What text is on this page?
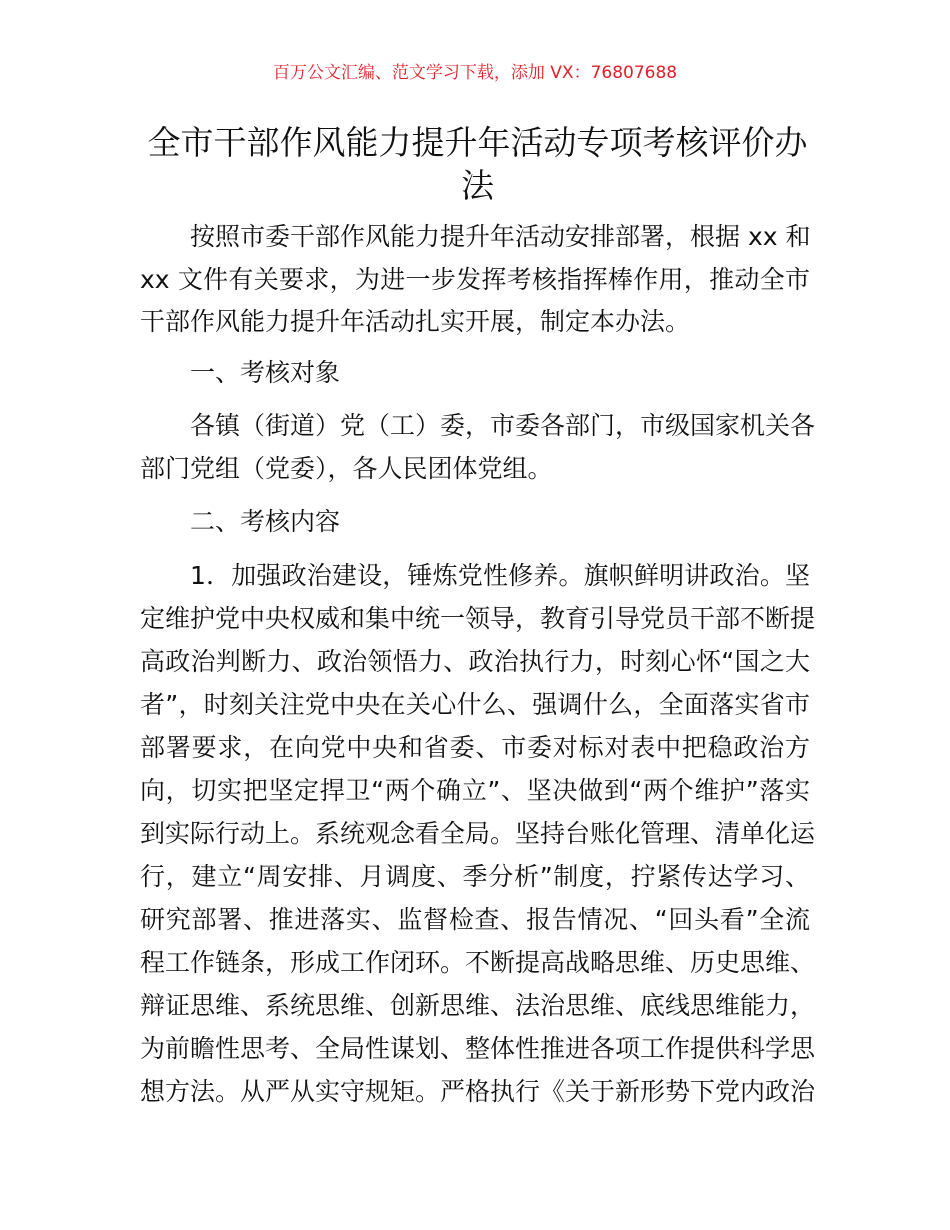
百万公文汇编、范文学习下载，添加 VX：76807688
全市干部作风能力提升年活动专项考核评价办
法
按照市委干部作风能力提升年活动安排部署，根据 xx 和
xx 文件有关要求，为进一步发挥考核指挥棒作用，推动全市
干部作风能力提升年活动扎实开展，制定本办法。
一、考核对象
各镇（街道）党（工）委，市委各部门，市级国家机关各
部门党组（党委），各人民团体党组。
二、考核内容
1．加强政治建设，锤炼党性修养。旗帜鲜明讲政治。坚
定维护党中央权威和集中统一领导，教育引导党员干部不断提
高政治判断力、政治领悟力、政治执行力，时刻心怀“国之大
者”，时刻关注党中央在关心什么、强调什么，全面落实省市
部署要求，在向党中央和省委、市委对标对表中把稳政治方
向，切实把坚定捍卫“两个确立”、坚决做到“两个维护”落实
到实际行动上。系统观念看全局。坚持台账化管理、清单化运
行，建立“周安排、月调度、季分析”制度，拧紧传达学习、
研究部署、推进落实、监督检查、报告情况、“回头看”全流
程工作链条，形成工作闭环。不断提高战略思维、历史思维、
辩证思维、系统思维、创新思维、法治思维、底线思维能力，
为前瞻性思考、全局性谋划、整体性推进各项工作提供科学思
想方法。从严从实守规矩。严格执行《关于新形势下党内政治
